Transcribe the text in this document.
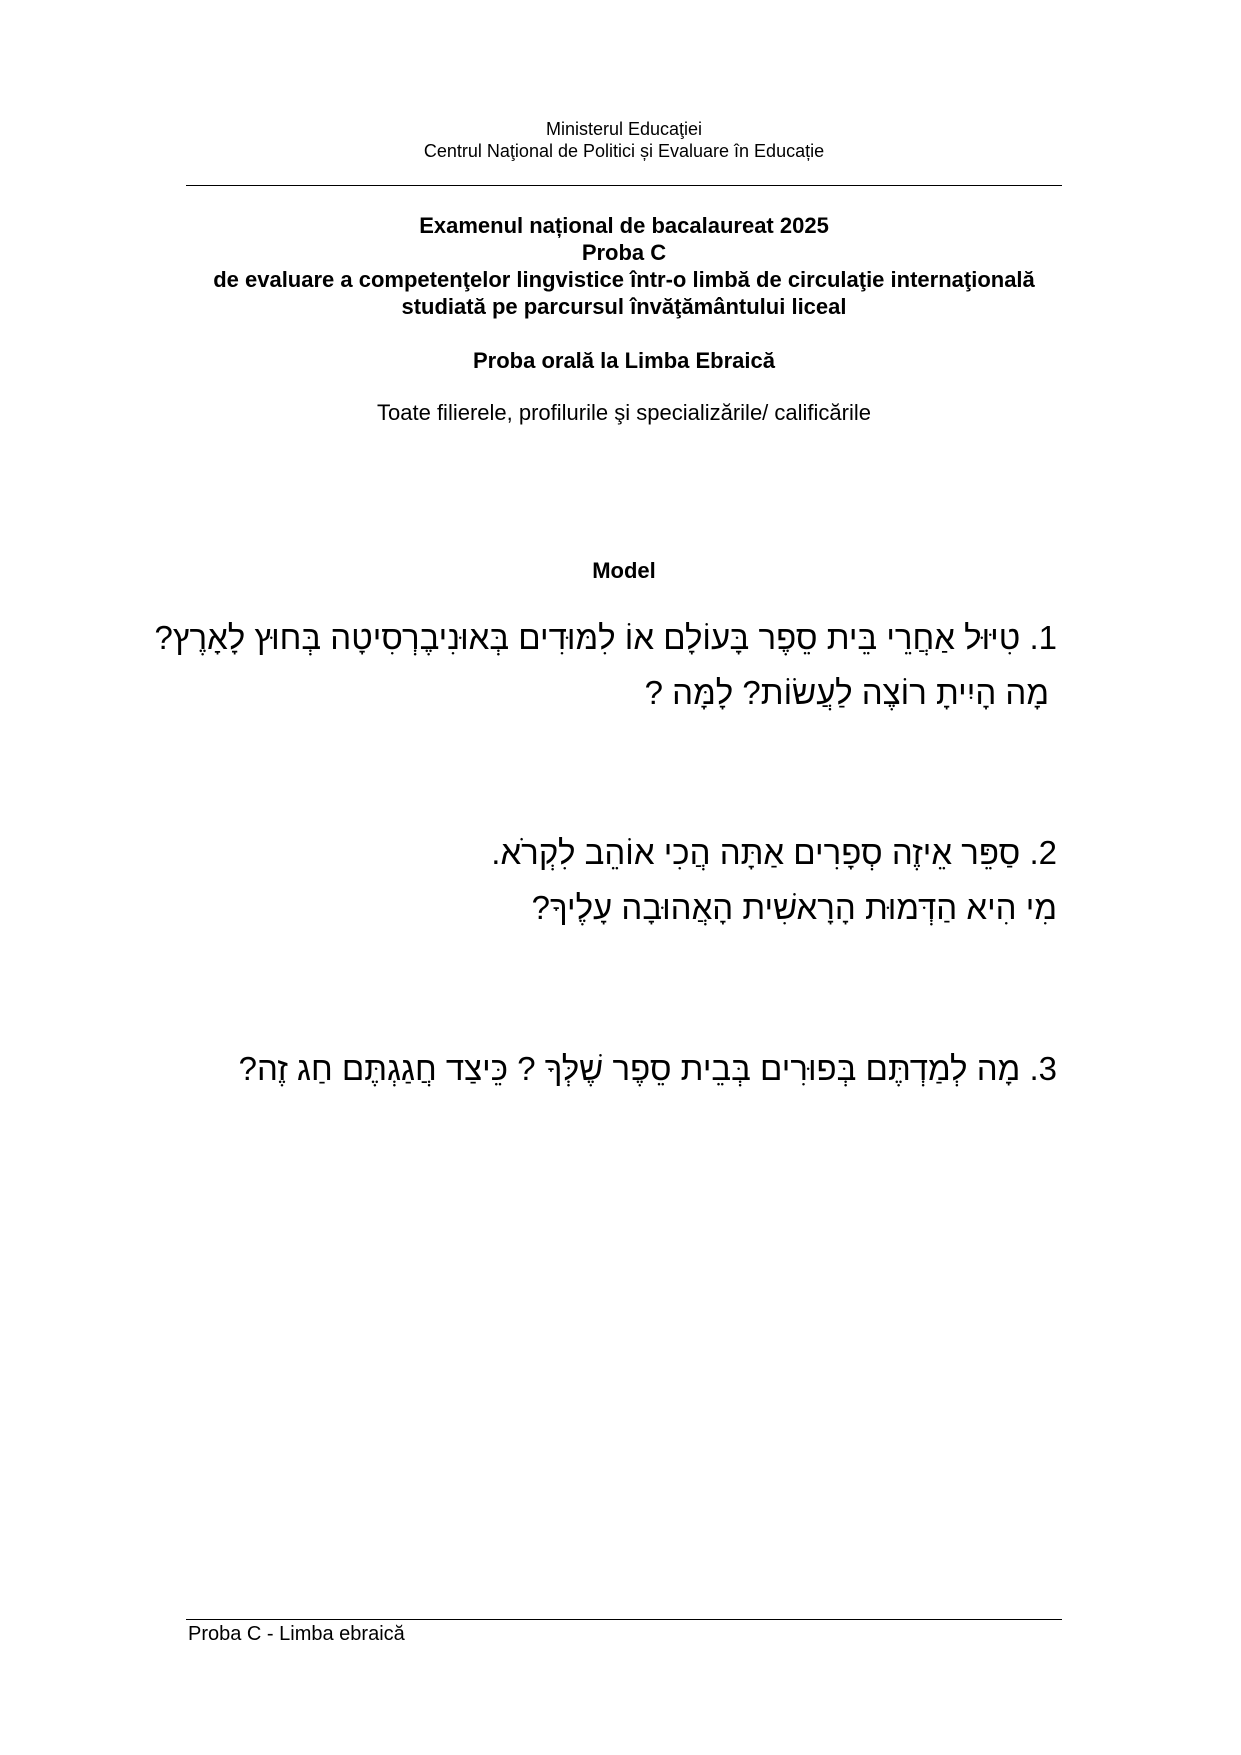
Ministerul Educaţiei
Centrul Naţional de Politici și Evaluare în Educație
Examenul național de bacalaureat 2025
Proba C
de evaluare a competenţelor lingvistice într-o limbă de circulaţie internaţională
studiată pe parcursul învăţământului liceal
Proba orală la Limba Ebraică
Toate filierele, profilurile şi specializările/ calificările
Model
1. טִיּוּל אַחֲרֵי בֵּית סֵפֶר בָּעוֹלָם אוֹ לִמּוּדִים בְּאוּנִיבֶרְסִיטָה בְּחוּץ לָאָרֶץ?
מָה הָיִיתָ רוֹצֶה לַעֲשׂוֹת? לָמָּה ?
2. סַפֵּר אֵיזֶה סְפָרִים אַתָּה הֲכִי אוֹהֵב לִקְרֹא.
מִי הִיא הַדְּמוּת הָרָאשִׁית הָאֲהוּבָה עָלֶיךָ?
3. מָה לְמַדְתֶּם בְּפוּרִים בְּבֵית סֵפֶר שֶׁלְּךָ ? כֵּיצַד חֲגַגְתֶּם חַג זֶה?
Proba C - Limba ebraică
